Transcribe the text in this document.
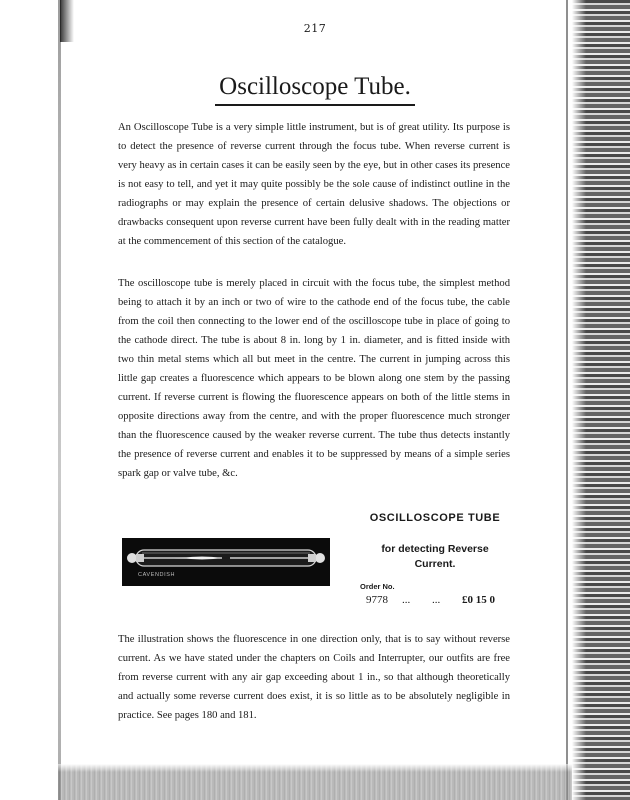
217
Oscilloscope Tube.

An Oscilloscope Tube is a very simple little instrument, but is of great utility. Its purpose is to detect the presence of reverse current through the focus tube. When reverse current is very heavy as in certain cases it can be easily seen by the eye, but in other cases its presence is not easy to tell, and yet it may quite possibly be the sole cause of indistinct outline in the radiographs or may explain the presence of certain delusive shadows. The objections or drawbacks consequent upon reverse current have been fully dealt with in the reading matter at the commencement of this section of the catalogue.

The oscilloscope tube is merely placed in circuit with the focus tube, the simplest method being to attach it by an inch or two of wire to the cathode end of the focus tube, the cable from the coil then connecting to the lower end of the oscilloscope tube in place of going to the cathode direct. The tube is about 8 in. long by 1 in. diameter, and is fitted inside with two thin metal stems which all but meet in the centre. The current in jumping across this little gap creates a fluorescence which appears to be blown along one stem by the passing current. If reverse current is flowing the fluorescence appears on both of the little stems in opposite directions away from the centre, and with the proper fluorescence much stronger than the fluorescence caused by the weaker reverse current. The tube thus detects instantly the presence of reverse current and enables it to be suppressed by means of a simple series spark gap or valve tube, &c.

CAVENDISH
OSCILLOSCOPE TUBE
for detecting Reverse
Current.
Order No.
9778 ... ... £0 15 0

The illustration shows the fluorescence in one direction only, that is to say without reverse current. As we have stated under the chapters on Coils and Interrupter, our outfits are free from reverse current with any air gap exceeding about 1 in., so that although theoretically and actually some reverse current does exist, it is so little as to be absolutely negligible in practice. See pages 180 and 181.
